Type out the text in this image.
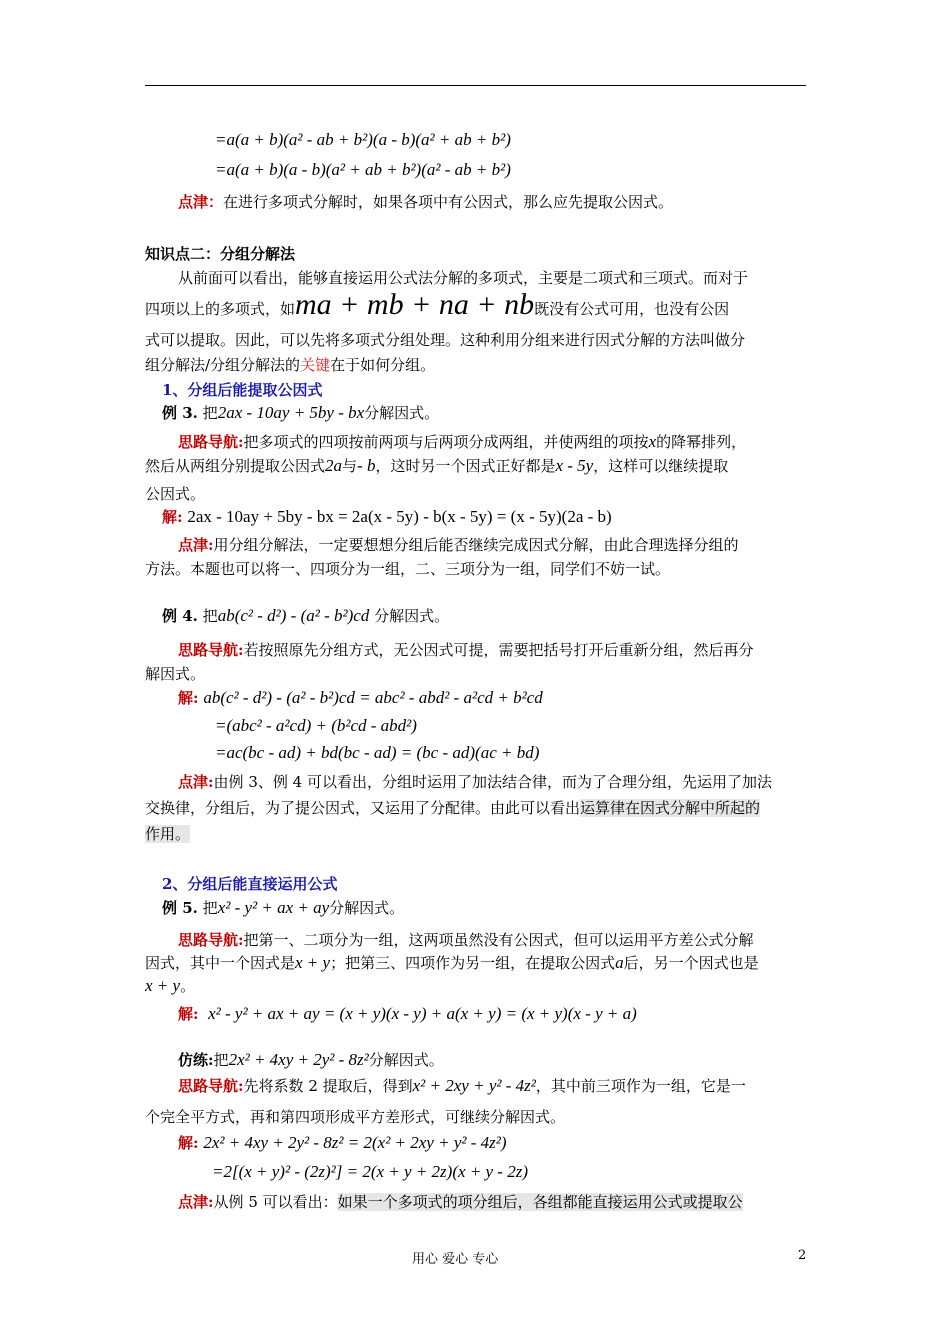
=a(a + b)(a² - ab + b²)(a - b)(a² + ab + b²)
=a(a + b)(a - b)(a² + ab + b²)(a² - ab + b²)
点津：在进行多项式分解时，如果各项中有公因式，那么应先提取公因式。
知识点二：分组分解法
从前面可以看出，能够直接运用公式法分解的多项式，主要是二项式和三项式。而对于
四项以上的多项式，如ma + mb + na + nb既没有公式可用，也没有公因
式可以提取。因此，可以先将多项式分组处理。这种利用分组来进行因式分解的方法叫做分
组分解法/分组分解法的关键在于如何分组。
1、分组后能提取公因式
例 3. 把2ax - 10ay + 5by - bx分解因式。
思路导航:把多项式的四项按前两项与后两项分成两组，并使两组的项按x的降幂排列，
然后从两组分别提取公因式2a与- b，这时另一个因式正好都是x - 5y，这样可以继续提取
公因式。
解: 2ax - 10ay + 5by - bx = 2a(x - 5y) - b(x - 5y) = (x - 5y)(2a - b)
点津:用分组分解法，一定要想想分组后能否继续完成因式分解，由此合理选择分组的
方法。本题也可以将一、四项分为一组，二、三项分为一组，同学们不妨一试。
例 4. 把ab(c² - d²) - (a² - b²)cd 分解因式。
思路导航:若按照原先分组方式，无公因式可提，需要把括号打开后重新分组，然后再分
解因式。
解: ab(c² - d²) - (a² - b²)cd = abc² - abd² - a²cd + b²cd
=(abc² - a²cd) + (b²cd - abd²)
=ac(bc - ad) + bd(bc - ad) = (bc - ad)(ac + bd)
点津:由例 3、例 4 可以看出，分组时运用了加法结合律，而为了合理分组，先运用了加法
交换律，分组后，为了提公因式，又运用了分配律。由此可以看出运算律在因式分解中所起的
作用。
2、分组后能直接运用公式
例 5. 把x² - y² + ax + ay分解因式。
思路导航:把第一、二项分为一组，这两项虽然没有公因式，但可以运用平方差公式分解
因式，其中一个因式是x + y；把第三、四项作为另一组，在提取公因式a后，另一个因式也是
x + y。
解: x² - y² + ax + ay = (x + y)(x - y) + a(x + y) = (x + y)(x - y + a)
仿练:把2x² + 4xy + 2y² - 8z²分解因式。
思路导航:先将系数 2 提取后，得到x² + 2xy + y² - 4z²，其中前三项作为一组，它是一
个完全平方式，再和第四项形成平方差形式，可继续分解因式。
解: 2x² + 4xy + 2y² - 8z² = 2(x² + 2xy + y² - 4z²)
=2[(x + y)² - (2z)²] = 2(x + y + 2z)(x + y - 2z)
点津:从例 5 可以看出：如果一个多项式的项分组后，各组都能直接运用公式或提取公
用心 爱心 专心	2
